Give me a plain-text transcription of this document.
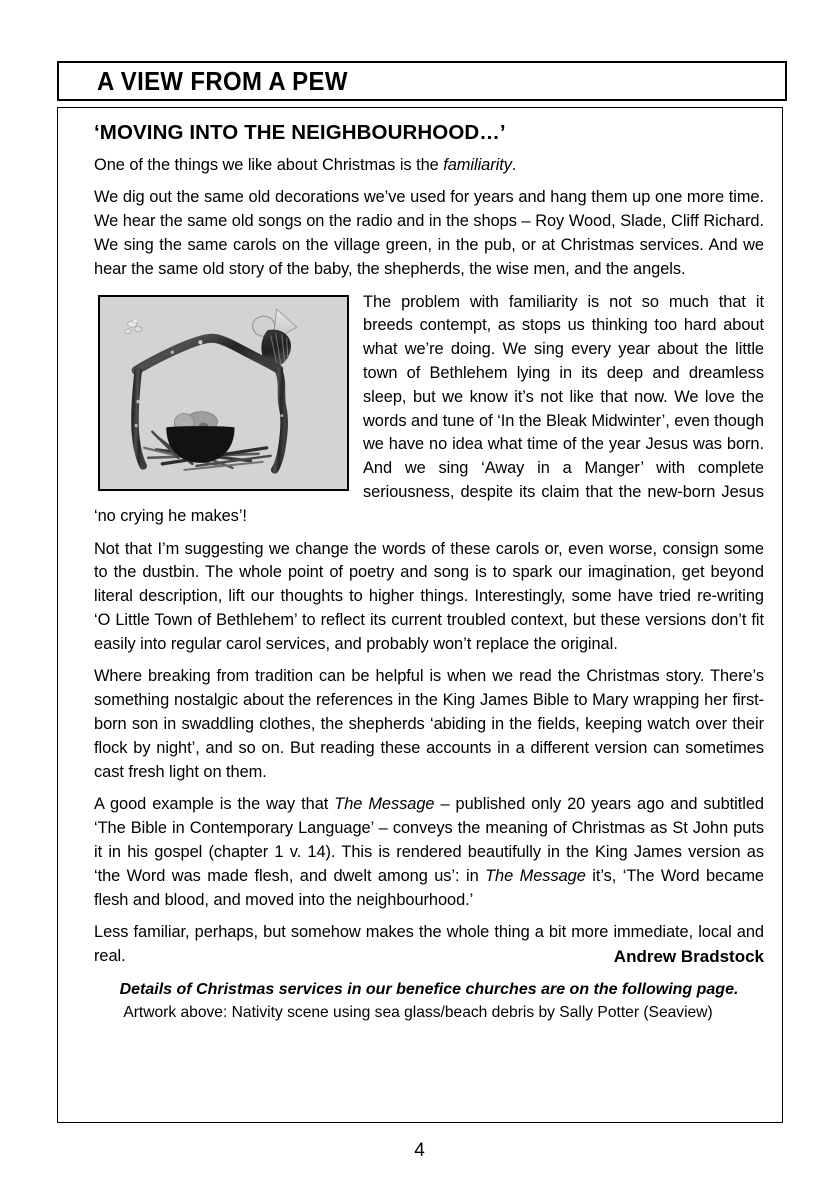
A VIEW FROM A PEW
‘MOVING INTO THE NEIGHBOURHOOD…’

One of the things we like about Christmas is the familiarity.

We dig out the same old decorations we’ve used for years and hang them up one more time. We hear the same old songs on the radio and in the shops – Roy Wood, Slade, Cliff Richard. We sing the same carols on the village green, in the pub, or at Christmas services. And we hear the same old story of the baby, the shepherds, the wise men, and the angels.

The problem with familiarity is not so much that it breeds contempt, as stops us thinking too hard about what we’re doing. We sing every year about the little town of Bethlehem lying in its deep and dreamless sleep, but we know it’s not like that now. We love the words and tune of ‘In the Bleak Midwinter’, even though we have no idea what time of the year Jesus was born. And we sing ‘Away in a Manger’ with complete seriousness, despite its claim that the new-born Jesus ‘no crying he makes’!

Not that I’m suggesting we change the words of these carols or, even worse, consign some to the dustbin. The whole point of poetry and song is to spark our imagination, get beyond literal description, lift our thoughts to higher things. Interestingly, some have tried re-writing ‘O Little Town of Bethlehem’ to reflect its current troubled context, but these versions don’t fit easily into regular carol services, and probably won’t replace the original.

Where breaking from tradition can be helpful is when we read the Christmas story. There’s something nostalgic about the references in the King James Bible to Mary wrapping her first-born son in swaddling clothes, the shepherds ‘abiding in the fields, keeping watch over their flock by night’, and so on. But reading these accounts in a different version can sometimes cast fresh light on them.

A good example is the way that The Message – published only 20 years ago and subtitled ‘The Bible in Contemporary Language’ – conveys the meaning of Christmas as St John puts it in his gospel (chapter 1 v. 14). This is rendered beautifully in the King James version as ‘the Word was made flesh, and dwelt among us’: in The Message it’s, ‘The Word became flesh and blood, and moved into the neighbourhood.’

Less familiar, perhaps, but somehow makes the whole thing a bit more immediate, local and real.	Andrew Bradstock
Details of Christmas services in our benefice churches are on the following page.
Artwork above: Nativity scene using sea glass/beach debris by Sally Potter (Seaview)
4
